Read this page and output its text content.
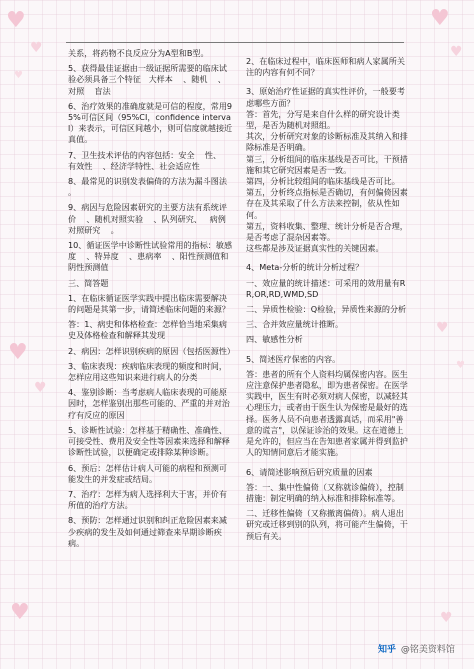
♥
♥
♥
♥
♥
♥
♥
♥
♥
♥	♥

关系，将药物不良反应分为A型和B型。

5、获得最佳证据由一级证据所需要的临床试验必须具备三个特征   大样本    、随机    、对照    盲法

6、治疗效果的准确度就是可信的程度，常用95%可信区间（95%CI，confidence interval）来表示，可信区间越小，则可信度就越接近   真值。

7、卫生技术评估的内容包括：安全    性、   有效性    、经济学特性、社会适应性

8、最常见的识别发表偏倚的方法为漏斗图法    。

9、病因与危险因素研究的主要方法有系统评价    、随机对照实验    、队列研究、   病例对照研究    。

10、循证医学中诊断性试验常用的指标：敏感度    、特异度    、患病率    、阳性预测值和阴性预测值

三、简答题

1、在临床循证医学实践中提出临床需要解决的问题是其第一步，请简述临床问题的来源？

答：1、病史和体格检查：怎样恰当地采集病史及体格检查和解释其发现

2、病因：怎样识别疾病的原因（包括医源性）

3、临床表现：疾病临床表现的频度和时间，怎样应用这些知识来进行病人的分类

4、鉴别诊断：当考虑病人临床表现的可能原因时，怎样鉴别出那些可能的、严重的并对治疗有反应的原因

5、诊断性试验：怎样基于精确性、准确性、可接受性、费用及安全性等因素来选择和解释诊断性试验，以便确定或排除某种诊断。

6、预后：怎样估计病人可能的病程和预测可能发生的并发症或结局。

7、治疗：怎样为病人选择利大于害，并价有所值的治疗方法。

8、预防：怎样通过识别和纠正危险因素来减少疾病的发生及如何通过筛查来早期诊断疾病。

2、在临床过程中，临床医师和病人家属所关注的内容有何不同？

3、原始治疗性证据的真实性评价，一般要考虑哪些方面？

答：首先，分写是来自什么样的研究设计类型，是否为随机对照组。

其次，分析研究对象的诊断标准及其纳入和排除标准是否明确。

第三，分析组间的临床基线是否可比，干预措施和其它研究因素是否一致。

第四，分析比较组间的临床基线是否可比。

第五，分析终点指标是否确切，有何偏倚因素存在及其采取了什么方法来控制，依从性如何。

第五，资料收集、整理、统计分析是否合理，是否考虑了混杂因素等。

这些都是涉及证据真实性的关键因素。

4、Meta-分析的统计分析过程？

一、效应量的统计描述：可采用的效用量有RR,OR,RD,WMD,SD

二、异质性检验：Q检验，异质性来源的分析

三、合并效应量统计推断。

四、敏感性分析

5、简述医疗保密的内容。

答：患者的所有个人资料均属保密内容。医生应注意保护患者隐私，即为患者保密。在医学实践中，医生有时必须对病人保密，以减轻其心理压力，或者由于医生认为保密是最好的选择。医务人员不向患者透露真话，而采用"善意的谎言"，以保证诊治的效果。这在道德上是允许的，但应当在告知患者家属并得到监护人的知情同意后才能实施。

6、请简述影响预后研究质量的因素

答：一、集中性偏倚（又称就诊偏倚），控制措施：制定明确的纳入标准和排除标准等。

二、迁移性偏倚（又称撤离偏倚）。病人退出研究或迁移到别的队列，将可能产生偏倚，干预后有关。

知乎 @铭美资料馆
